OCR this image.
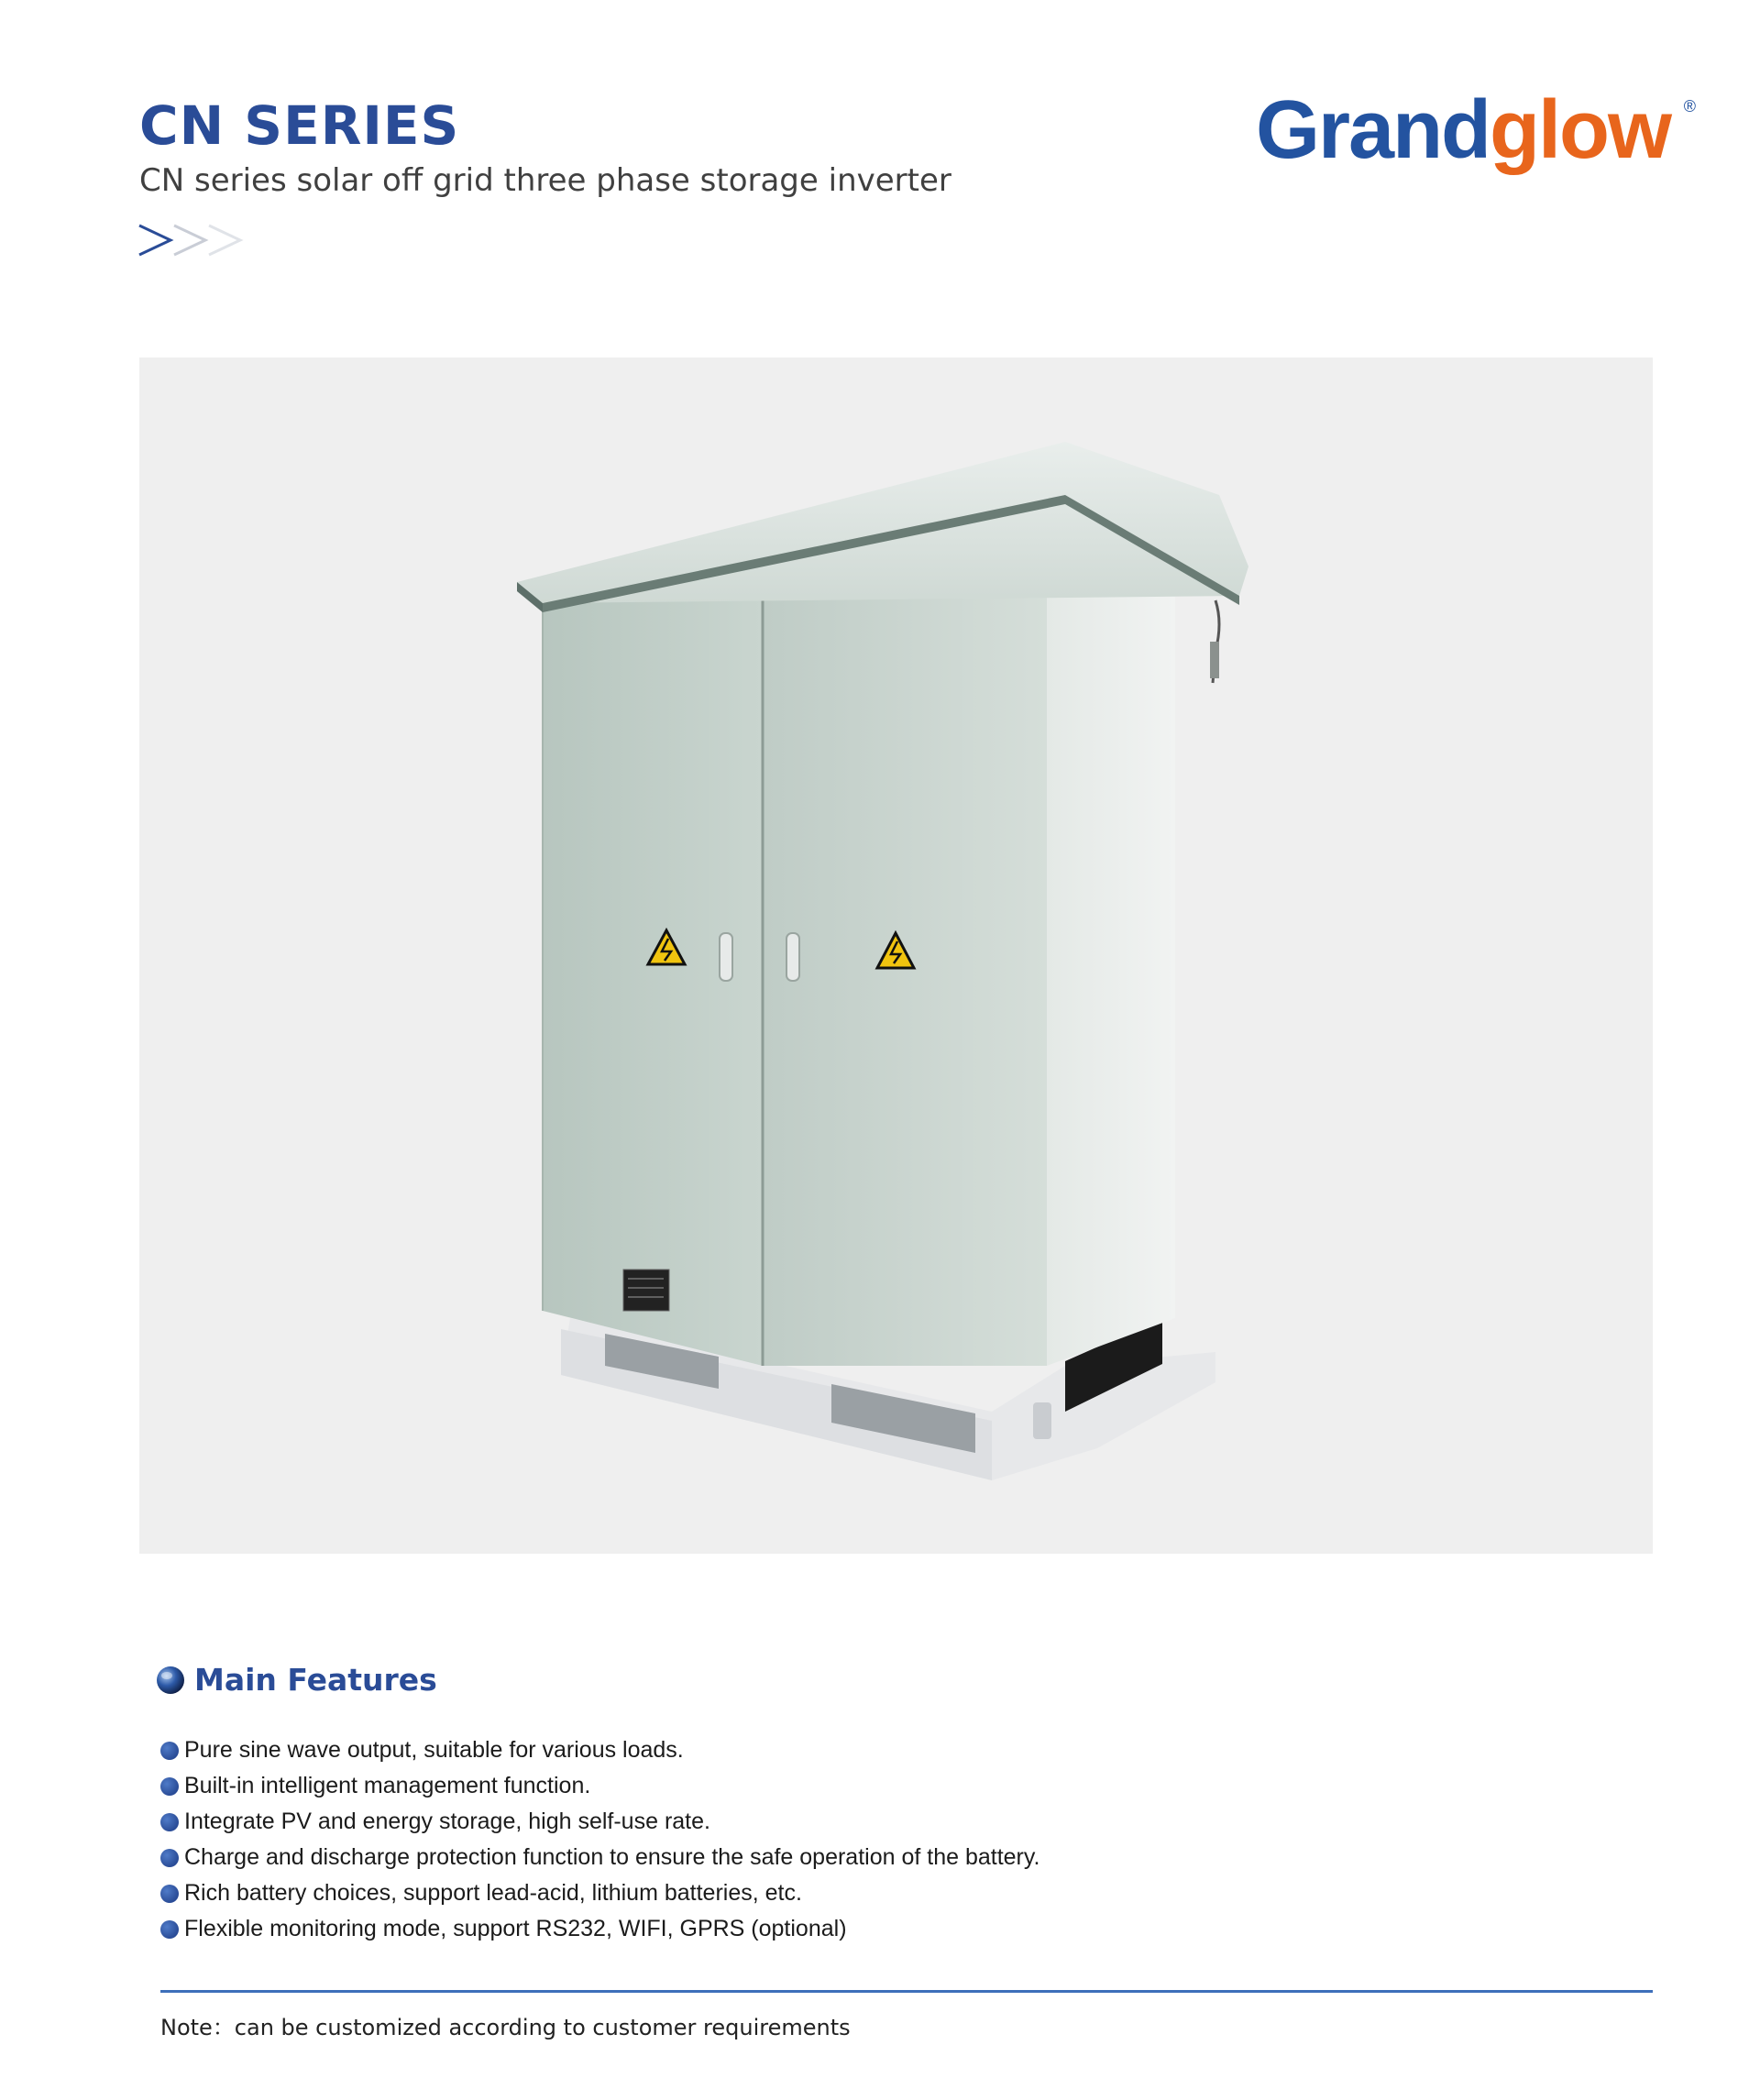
CN SERIES
CN series solar off grid three phase storage inverter
Grandglow ®
Main Features
Pure sine wave output, suitable for various loads.
Built-in intelligent management function.
Integrate PV and energy storage, high self-use rate.
Charge and discharge protection function to ensure the safe operation of the battery.
Rich battery choices, support lead-acid, lithium batteries, etc.
Flexible monitoring mode, support RS232, WIFI, GPRS (optional)
Note：can be customized according to customer requirements
